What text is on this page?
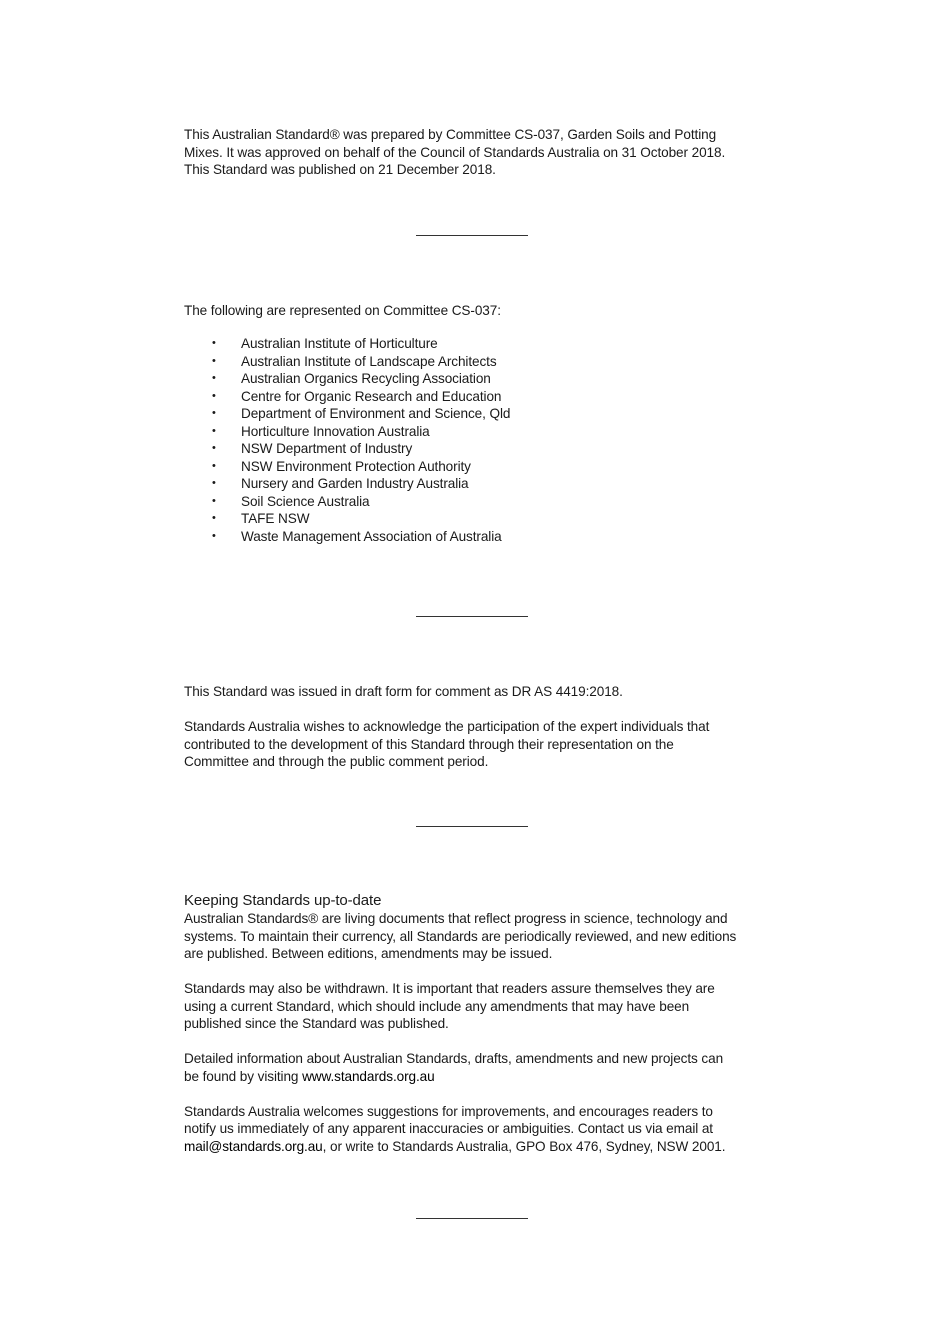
This Australian Standard® was prepared by Committee CS-037, Garden Soils and Potting
Mixes. It was approved on behalf of the Council of Standards Australia on 31 October 2018.
This Standard was published on 21 December 2018.
The following are represented on Committee CS-037:
• Australian Institute of Horticulture
• Australian Institute of Landscape Architects
• Australian Organics Recycling Association
• Centre for Organic Research and Education
• Department of Environment and Science, Qld
• Horticulture Innovation Australia
• NSW Department of Industry
• NSW Environment Protection Authority
• Nursery and Garden Industry Australia
• Soil Science Australia
• TAFE NSW
• Waste Management Association of Australia
This Standard was issued in draft form for comment as DR AS 4419:2018.
Standards Australia wishes to acknowledge the participation of the expert individuals that
contributed to the development of this Standard through their representation on the
Committee and through the public comment period.
Keeping Standards up-to-date
Australian Standards® are living documents that reflect progress in science, technology and
systems. To maintain their currency, all Standards are periodically reviewed, and new editions
are published. Between editions, amendments may be issued.
Standards may also be withdrawn. It is important that readers assure themselves they are
using a current Standard, which should include any amendments that may have been
published since the Standard was published.
Detailed information about Australian Standards, drafts, amendments and new projects can
be found by visiting www.standards.org.au
Standards Australia welcomes suggestions for improvements, and encourages readers to
notify us immediately of any apparent inaccuracies or ambiguities. Contact us via email at
mail@standards.org.au, or write to Standards Australia, GPO Box 476, Sydney, NSW 2001.
